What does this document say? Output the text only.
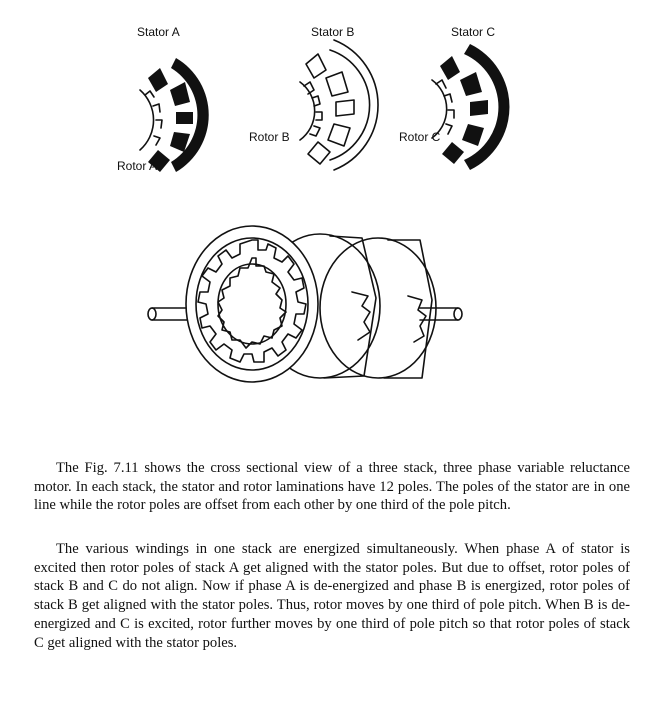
Stator A
Rotor A
Stator B
Rotor B
Stator C
Rotor C

The Fig. 7.11 shows the cross sectional view of a three stack, three phase variable reluctance motor. In each stack, the stator and rotor laminations have 12 poles. The poles of the stator are in one line while the rotor poles are offset from each other by one third of the pole pitch.

The various windings in one stack are energized simultaneously. When phase A of stator is excited then rotor poles of stack A get aligned with the stator poles. But due to offset, rotor poles of stack B and C do not align. Now if phase A is de-energized and phase B is energized, rotor poles of stack B get aligned with the stator poles. Thus, rotor moves by one third of pole pitch. When B is de-energized and C is excited, rotor further moves by one third of pole pitch so that rotor poles of stack C get aligned with the stator poles.
